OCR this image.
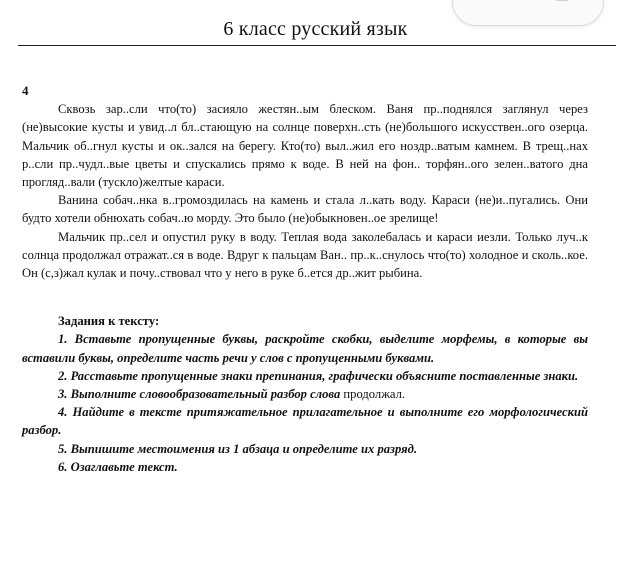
6 класс русский язык
4

Сквозь зар..сли что(то) засияло жестян..ым блеском. Ваня пр..поднялся заглянул через (не)высокие кусты и увид..л бл..стающую на солнце поверхн..сть (не)большого искусствен..ого озерца. Мальчик об..гнул кусты и ок..зался на берегу. Кто(то) выл..жил его ноздр..ватым камнем. В трещ..нах р..сли пр..чудл..вые цветы и спускались прямо к воде. В ней на фон.. торфян..ого зелен..ватого дна прогляд..вали (тускло)желтые караси.

Ванина собач..нка в..громоздилась на камень и стала л..кать воду. Караси (не)и..пугались. Они будто хотели обнюхать собач..ю морду. Это было (не)обыкновен..ое зрелище!

Мальчик пр..сел и опустил руку в воду. Теплая вода заколебалась и караси иезли. Только луч..к солнца продолжал отражат..ся в воде. Вдруг к пальцам Ван.. пр..к..снулось что(то) холодное и сколь..кое. Он (с,з)жал кулак и почу..ствовал что у него в руке б..ется др..жит рыбина.

Задания к тексту:
1. Вставьте пропущенные буквы, раскройте скобки, выделите морфемы, в которые вы вставили буквы, определите часть речи у слов с пропущенными буквами.
2. Расставьте пропущенные знаки препинания, графически объясните поставленные знаки.
3. Выполните словообразовательный разбор слова продолжал.
4. Найдите в тексте притяжательное прилагательное и выполните его морфологический разбор.
5. Выпишите местоимения из 1 абзаца и определите их разряд.
6. Озаглавьте текст.
